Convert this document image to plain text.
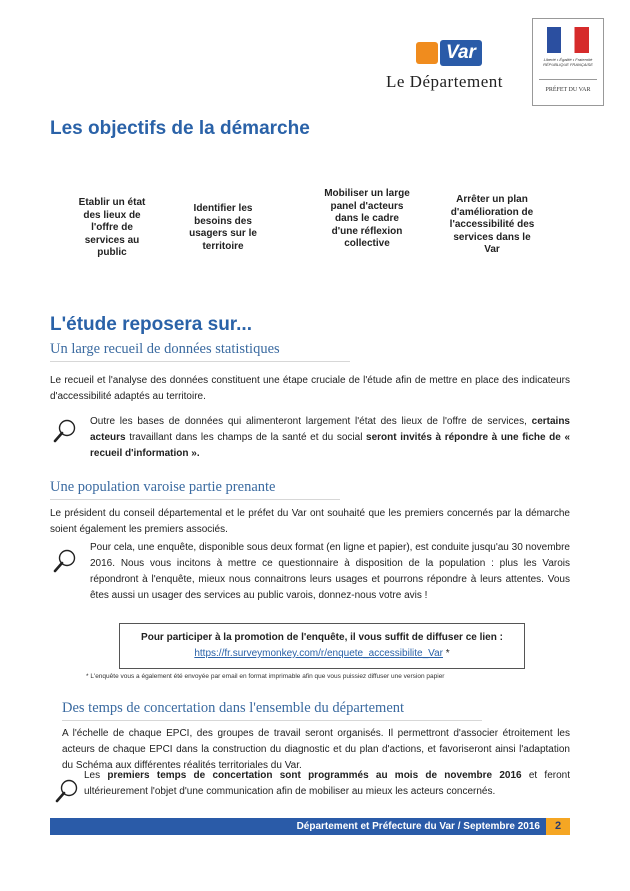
Var
Le Département
Liberté • Égalité • Fraternité
RÉPUBLIQUE FRANÇAISE
PRÉFET DU VAR
Les objectifs de la démarche
Etablir un état des lieux de l'offre de services au public
Identifier les besoins des usagers sur le territoire
Mobiliser un large panel d'acteurs dans le cadre d'une réflexion collective
Arrêter un plan d'amélioration de l'accessibilité des services dans le Var
L'étude reposera sur...
Un large recueil de données statistiques
Le recueil et l'analyse des données constituent une étape cruciale de l'étude afin de mettre en place des indicateurs d'accessibilité adaptés au territoire.
Outre les bases de données qui alimenteront largement l'état des lieux de l'offre de services, certains acteurs travaillant dans les champs de la santé et du social seront invités à répondre à une fiche de « recueil d'information ».
Une population varoise partie prenante
Le président du conseil départemental et le préfet du Var ont souhaité que les premiers concernés par la démarche soient également les premiers associés.
Pour cela, une enquête, disponible sous deux format (en ligne et papier), est conduite jusqu'au 30 novembre 2016. Nous vous incitons à mettre ce questionnaire à disposition de la population : plus les Varois répondront à l'enquête, mieux nous connaitrons leurs usages et pourrons répondre à leurs attentes. Vous êtes aussi un usager des services au public varois, donnez-nous votre avis !
Pour participer à la promotion de l'enquête, il vous suffit de diffuser ce lien :
https://fr.surveymonkey.com/r/enquete_accessibilite_Var *
* L'enquête vous a également été envoyée par email en format imprimable afin que vous puissiez diffuser une version papier
Des temps de concertation dans l'ensemble du département
A l'échelle de chaque EPCI, des groupes de travail seront organisés. Il permettront d'associer étroitement les acteurs de chaque EPCI dans la construction du diagnostic et du plan d'actions, et favoriseront ainsi l'adaptation du Schéma aux différentes réalités territoriales du Var.
Les premiers temps de concertation sont programmés au mois de novembre 2016 et feront ultérieurement l'objet d'une communication afin de mobiliser au mieux les acteurs concernés.
Département et Préfecture du Var / Septembre 2016	2
